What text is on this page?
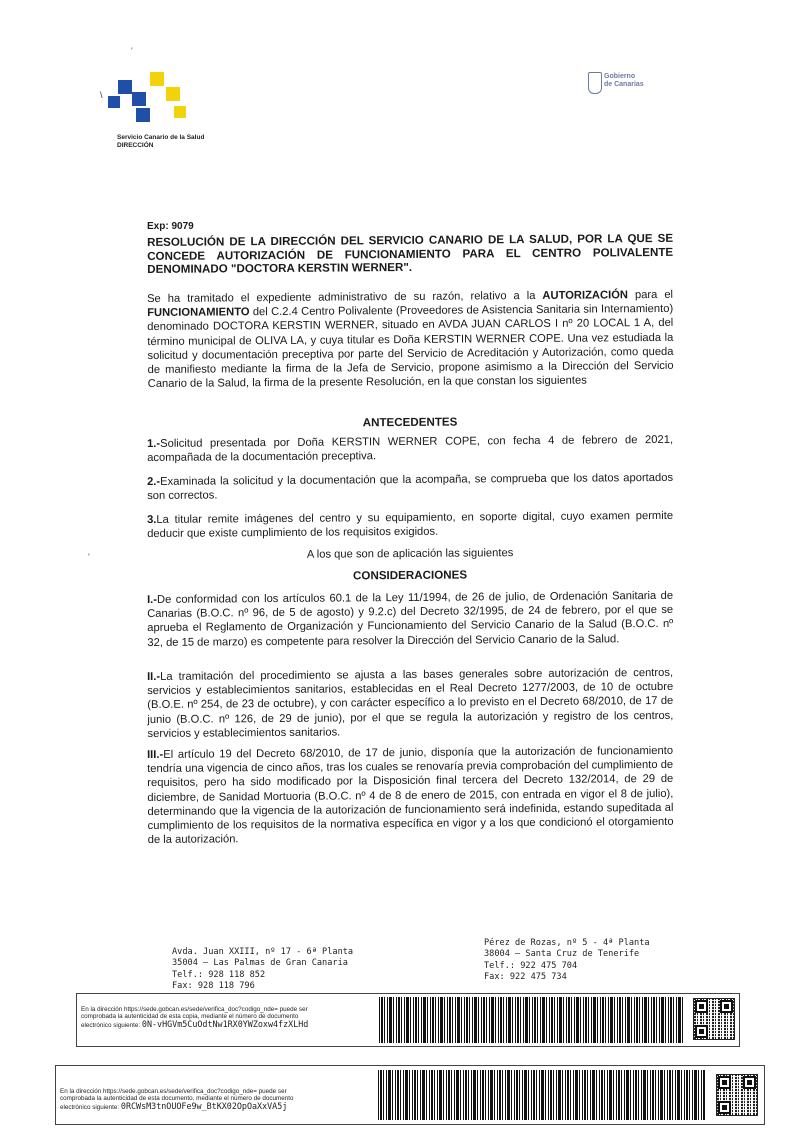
'
\
Servicio Canario de la Salud
DIRECCIÓN
Gobierno
de Canarias
Exp: 9079
RESOLUCIÓN DE LA DIRECCIÓN DEL SERVICIO CANARIO DE LA SALUD, POR LA QUE SE CONCEDE AUTORIZACIÓN DE FUNCIONAMIENTO PARA EL CENTRO POLIVALENTE DENOMINADO "DOCTORA KERSTIN WERNER".
Se ha tramitado el expediente administrativo de su razón, relativo a la AUTORIZACIÓN para el FUNCIONAMIENTO del C.2.4 Centro Polivalente (Proveedores de Asistencia Sanitaria sin Internamiento) denominado DOCTORA KERSTIN WERNER, situado en AVDA JUAN CARLOS I nº 20 LOCAL 1 A, del término municipal de OLIVA LA, y cuya titular es Doña KERSTIN WERNER COPE. Una vez estudiada la solicitud y documentación preceptiva por parte del Servicio de Acreditación y Autorización, como queda de manifiesto mediante la firma de la Jefa de Servicio, propone asimismo a la Dirección del Servicio Canario de la Salud, la firma de la presente Resolución, en la que constan los siguientes
ANTECEDENTES
1.-Solicitud presentada por Doña KERSTIN WERNER COPE, con fecha 4 de febrero de 2021, acompañada de la documentación preceptiva.
2.-Examinada la solicitud y la documentación que la acompaña, se comprueba que los datos aportados son correctos.
3.La titular remite imágenes del centro y su equipamiento, en soporte digital, cuyo examen permite deducir que existe cumplimiento de los requisitos exigidos.
A los que son de aplicación las siguientes
CONSIDERACIONES
I.-De conformidad con los artículos 60.1 de la Ley 11/1994, de 26 de julio, de Ordenación Sanitaria de Canarias (B.O.C. nº 96, de 5 de agosto) y 9.2.c) del Decreto 32/1995, de 24 de febrero, por el que se aprueba el Reglamento de Organización y Funcionamiento del Servicio Canario de la Salud (B.O.C. nº 32, de 15 de marzo) es competente para resolver la Dirección del Servicio Canario de la Salud.
II.-La tramitación del procedimiento se ajusta a las bases generales sobre autorización de centros, servicios y establecimientos sanitarios, establecidas en el Real Decreto 1277/2003, de 10 de octubre (B.O.E. nº 254, de 23 de octubre), y con carácter específico a lo previsto en el Decreto 68/2010, de 17 de junio (B.O.C. nº 126, de 29 de junio), por el que se regula la autorización y registro de los centros, servicios y establecimientos sanitarios.
III.-El artículo 19 del Decreto 68/2010, de 17 de junio, disponía que la autorización de funcionamiento tendría una vigencia de cinco años, tras los cuales se renovaría previa comprobación del cumplimiento de requisitos, pero ha sido modificado por la Disposición final tercera del Decreto 132/2014, de 29 de diciembre, de Sanidad Mortuoria (B.O.C. nº 4 de 8 de enero de 2015, con entrada en vigor el 8 de julio), determinando que la vigencia de la autorización de funcionamiento será indefinida, estando supeditada al cumplimiento de los requisitos de la normativa específica en vigor y a los que condicionó el otorgamiento de la autorización.
'
Avda. Juan XXIII, nº 17 - 6ª Planta
35004 – Las Palmas de Gran Canaria
Telf.: 928 118 852
Fax: 928 118 796
Pérez de Rozas, nº 5 - 4ª Planta
38004 – Santa Cruz de Tenerife
Telf.: 922 475 704
Fax: 922 475 734
En la dirección https://sede.gobcan.es/sede/verifica_doc?codigo_nde= puede ser
comprobada la autenticidad de esta copia, mediante el número de documento
electrónico siguiente: 0N-vHGVm5CuOdtNw1RX0YWZoxw4fzXLHd
En la dirección https://sede.gobcan.es/sede/verifica_doc?codigo_nde= puede ser
comprobada la autenticidad de esta documento, mediante el número de documento
electrónico siguiente: 0RCWsM3tnOUOFe9w_BtKX02OpOaXxVA5j
